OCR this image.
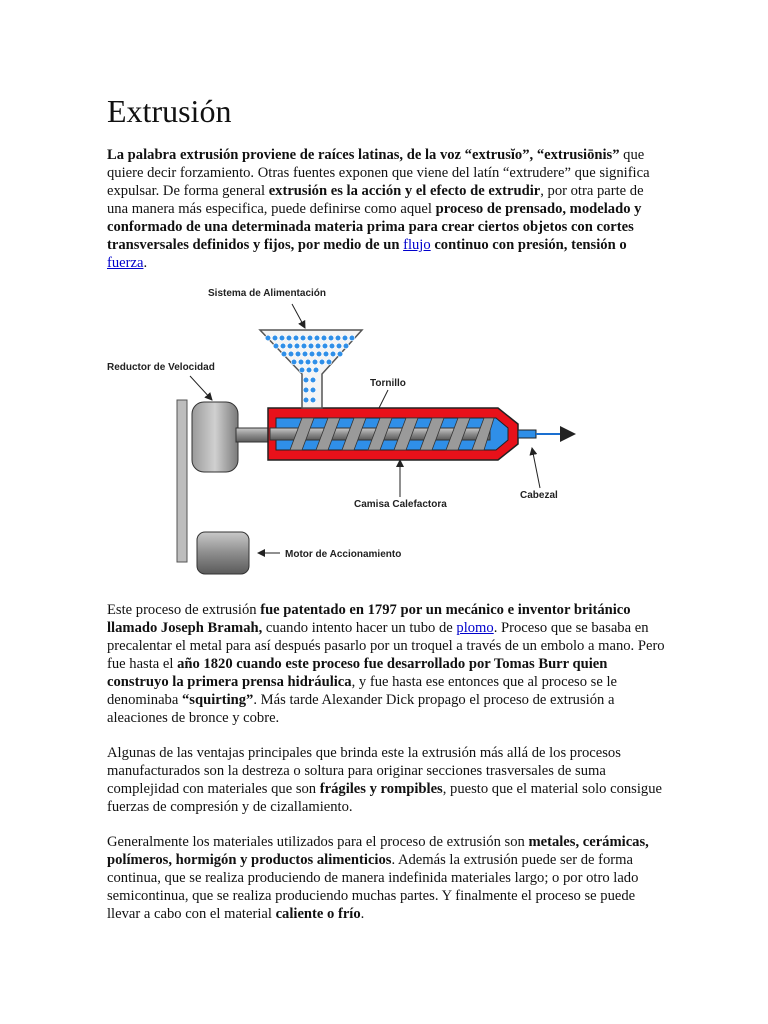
Extrusión

La palabra extrusión proviene de raíces latinas, de la voz “extrusĭo”, “extrusiōnis” que quiere decir forzamiento. Otras fuentes exponen que viene del latín “extrudere” que significa expulsar. De forma general extrusión es la acción y el efecto de extrudir, por otra parte de una manera más especifica, puede definirse como aquel proceso de prensado, modelado y conformado de una determinada materia prima para crear ciertos objetos con cortes transversales definidos y fijos, por medio de un flujo continuo con presión, tensión o fuerza.

Este proceso de extrusión fue patentado en 1797 por un mecánico e inventor británico llamado Joseph Bramah, cuando intento hacer un tubo de plomo. Proceso que se basaba en precalentar el metal para así después pasarlo por un troquel a través de un embolo a mano. Pero fue hasta el año 1820 cuando este proceso fue desarrollado por Tomas Burr quien construyo la primera prensa hidráulica, y fue hasta ese entonces que al proceso se le denominaba “squirting”. Más tarde Alexander Dick propago el proceso de extrusión a aleaciones de bronce y cobre.

Algunas de las ventajas principales que brinda este la extrusión más allá de los procesos manufacturados son la destreza o soltura para originar secciones trasversales de suma complejidad con materiales que son frágiles y rompibles, puesto que el material solo consigue fuerzas de compresión y de cizallamiento.

Generalmente los materiales utilizados para el proceso de extrusión son metales, cerámicas, polímeros, hormigón y productos alimenticios. Además la extrusión puede ser de forma continua, que se realiza produciendo de manera indefinida materiales largo; o por otro lado semicontinua, que se realiza produciendo muchas partes. Y finalmente el proceso se puede llevar a cabo con el material caliente o frío.

Sistema de Alimentación
Reductor de Velocidad
Tornillo
Camisa Calefactora
Cabezal
Motor de Accionamiento
